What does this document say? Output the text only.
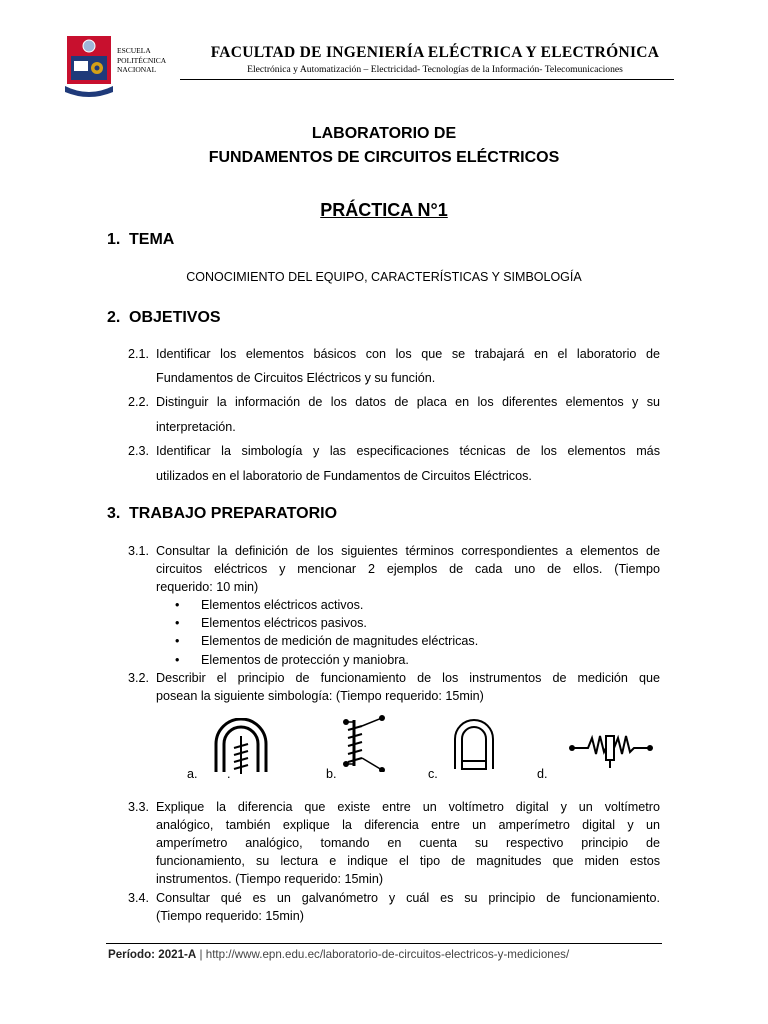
ESCUELA
POLITÉCNICA
NACIONAL
FACULTAD DE INGENIERÍA ELÉCTRICA Y ELECTRÓNICA
Electrónica y Automatización – Electricidad- Tecnologías de la Información- Telecomunicaciones
LABORATORIO DE
FUNDAMENTOS DE CIRCUITOS ELÉCTRICOS
PRÁCTICA N°1
1. TEMA
CONOCIMIENTO DEL EQUIPO, CARACTERÍSTICAS Y SIMBOLOGÍA
2. OBJETIVOS
2.1. Identificar los elementos básicos con los que se trabajará en el laboratorio de
Fundamentos de Circuitos Eléctricos y su función.
2.2. Distinguir la información de los datos de placa en los diferentes elementos y su
interpretación.
2.3. Identificar la simbología y las especificaciones técnicas de los elementos más
utilizados en el laboratorio de Fundamentos de Circuitos Eléctricos.
3. TRABAJO PREPARATORIO
3.1. Consultar la definición de los siguientes términos correspondientes a elementos de
circuitos eléctricos y mencionar 2 ejemplos de cada uno de ellos. (Tiempo
requerido: 10 min)
• Elementos eléctricos activos.
• Elementos eléctricos pasivos.
• Elementos de medición de magnitudes eléctricas.
• Elementos de protección y maniobra.
3.2. Describir el principio de funcionamiento de los instrumentos de medición que
posean la siguiente simbología: (Tiempo requerido: 15min)
a. .	b.	c.	d.
3.3. Explique la diferencia que existe entre un voltímetro digital y un voltímetro
analógico, también explique la diferencia entre un amperímetro digital y un
amperímetro analógico, tomando en cuenta su respectivo principio de
funcionamiento, su lectura e indique el tipo de magnitudes que miden estos
instrumentos. (Tiempo requerido: 15min)
3.4. Consultar qué es un galvanómetro y cuál es su principio de funcionamiento.
(Tiempo requerido: 15min)
Período: 2021-A | http://www.epn.edu.ec/laboratorio-de-circuitos-electricos-y-mediciones/
